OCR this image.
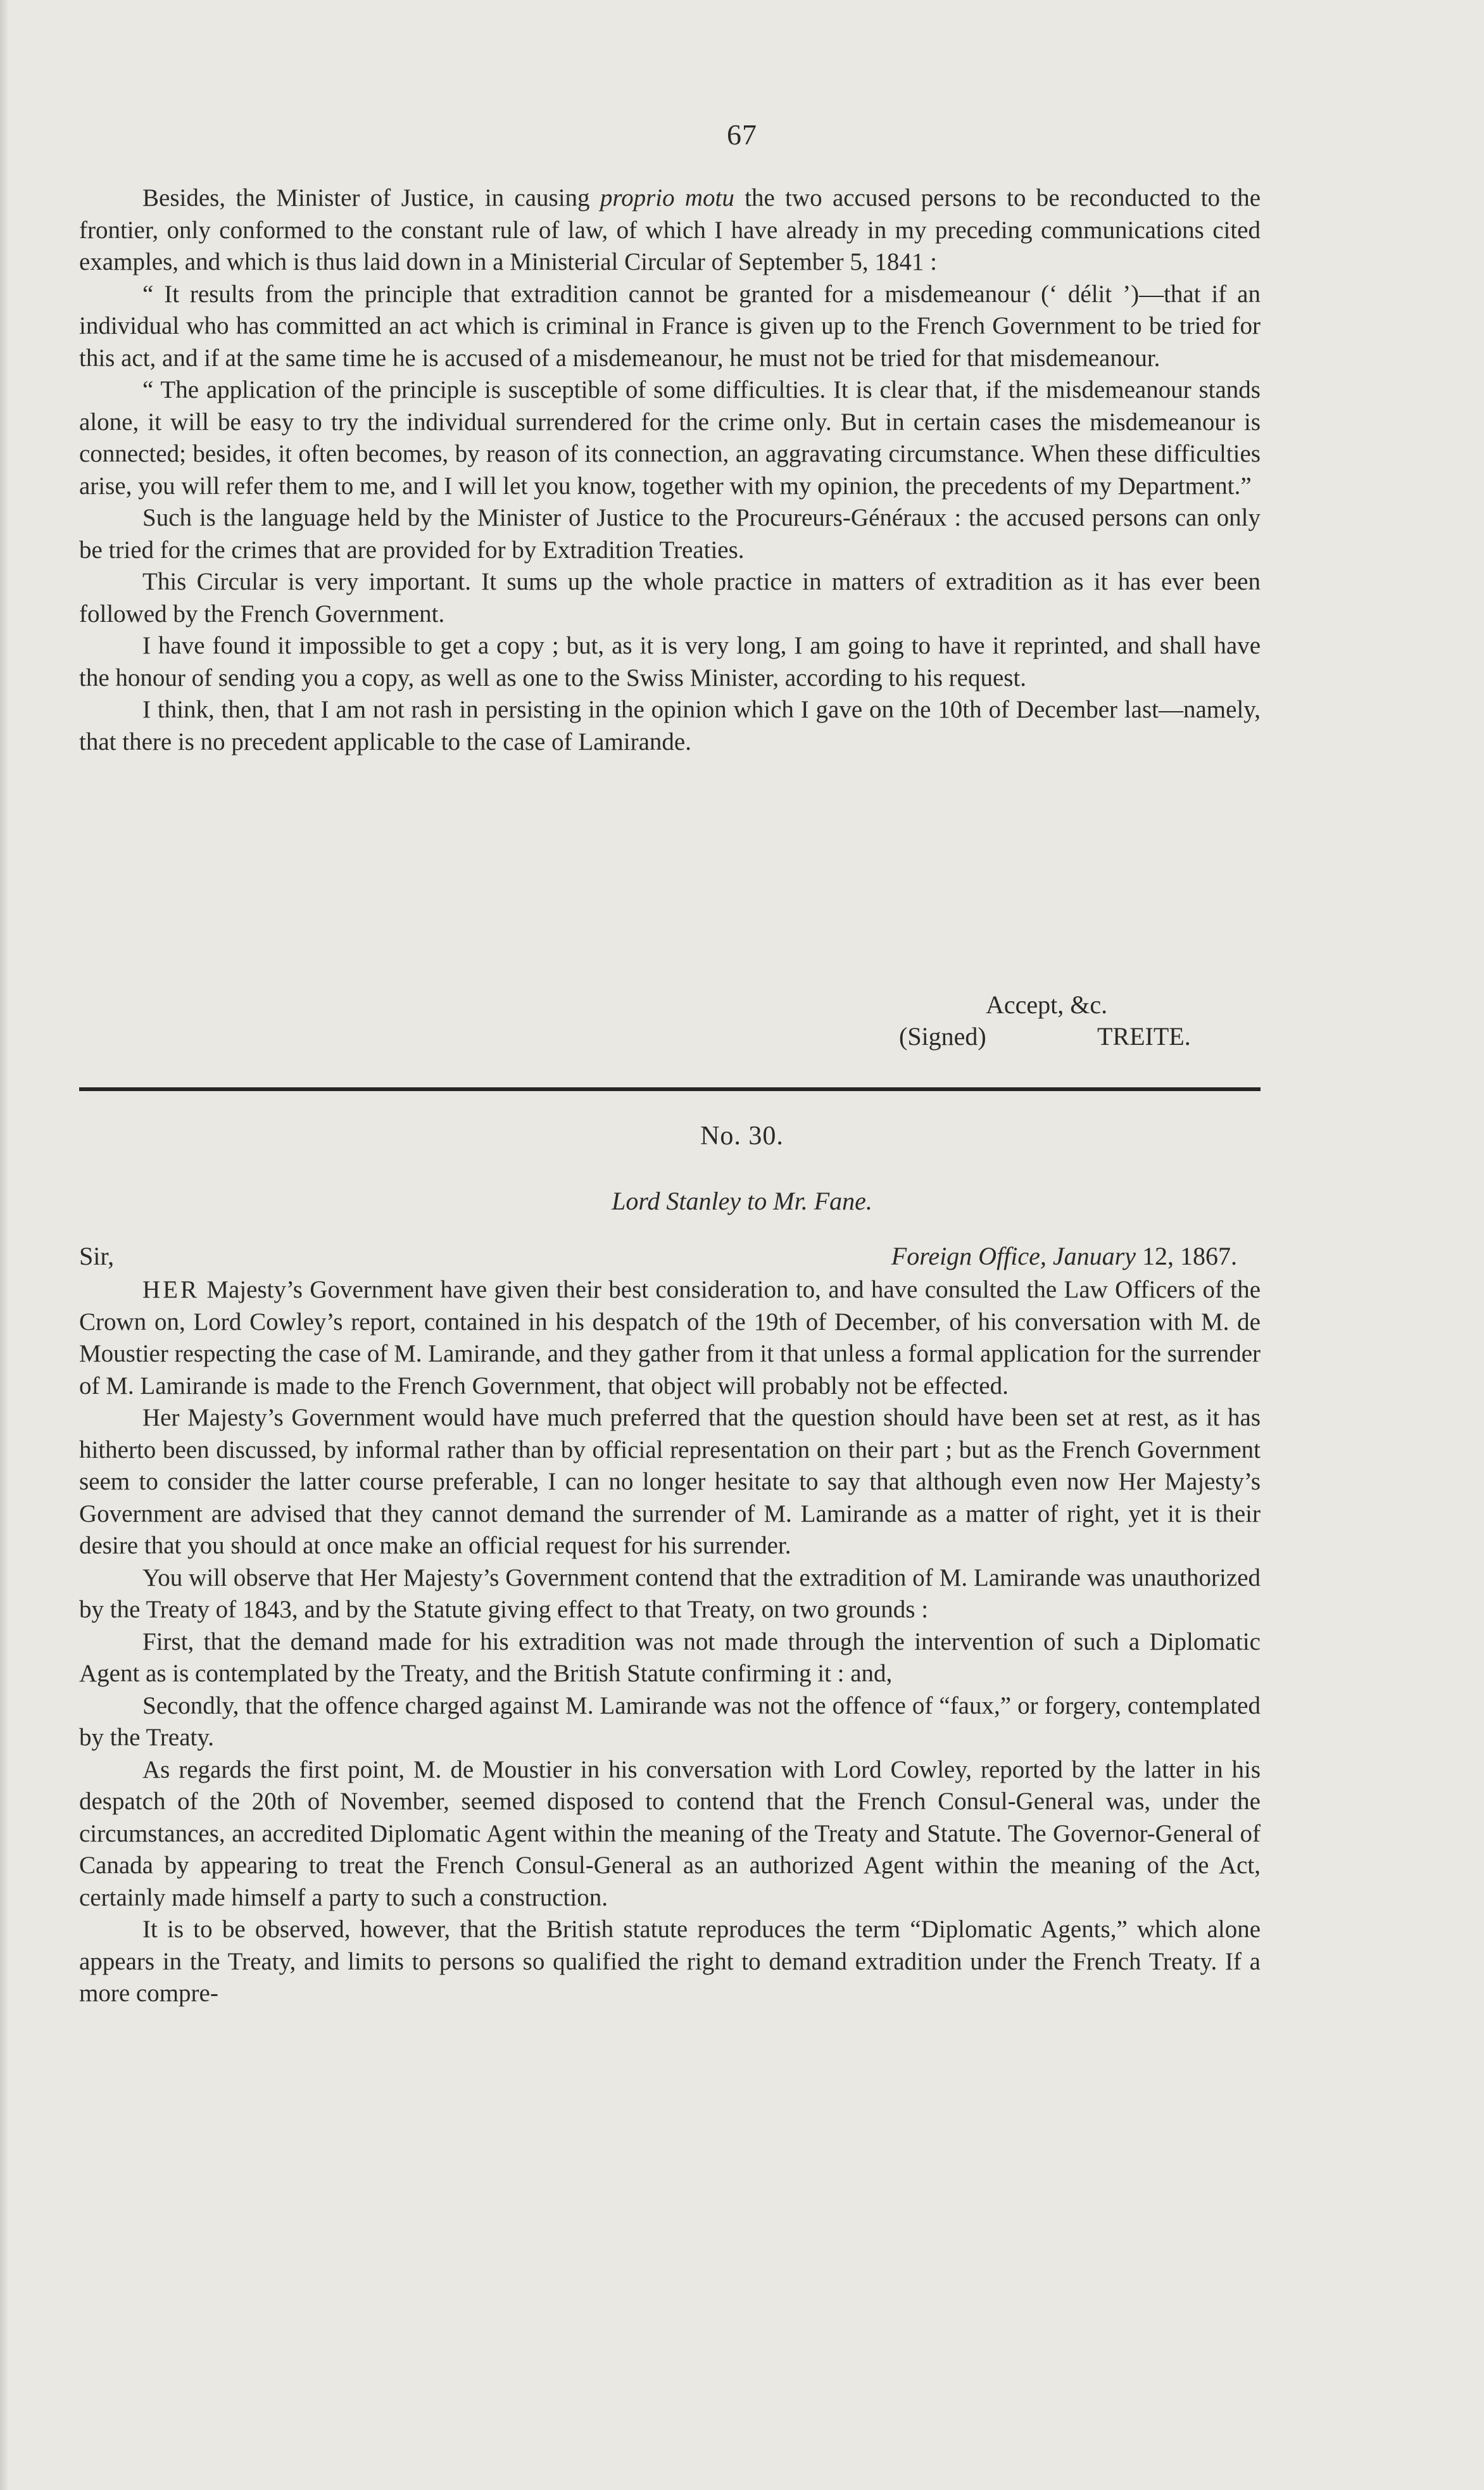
67

Besides, the Minister of Justice, in causing proprio motu the two accused persons to be reconducted to the frontier, only conformed to the constant rule of law, of which I have already in my preceding communications cited examples, and which is thus laid down in a Ministerial Circular of September 5, 1841 :

“ It results from the principle that extradition cannot be granted for a misdemeanour (‘ délit ’)—that if an individual who has committed an act which is criminal in France is given up to the French Government to be tried for this act, and if at the same time he is accused of a misdemeanour, he must not be tried for that misdemeanour.

“ The application of the principle is susceptible of some difficulties. It is clear that, if the misdemeanour stands alone, it will be easy to try the individual surrendered for the crime only. But in certain cases the misdemeanour is connected; besides, it often becomes, by reason of its connection, an aggravating circumstance. When these difficulties arise, you will refer them to me, and I will let you know, together with my opinion, the precedents of my Department.”

Such is the language held by the Minister of Justice to the Procureurs-Généraux : the accused persons can only be tried for the crimes that are provided for by Extradition Treaties.

This Circular is very important. It sums up the whole practice in matters of extradition as it has ever been followed by the French Government.

I have found it impossible to get a copy ; but, as it is very long, I am going to have it reprinted, and shall have the honour of sending you a copy, as well as one to the Swiss Minister, according to his request.

I think, then, that I am not rash in persisting in the opinion which I gave on the 10th of December last—namely, that there is no precedent applicable to the case of Lamirande.

Accept, &c.
(Signed)	TREITE.
No. 30.
Lord Stanley to Mr. Fane.
Sir,	Foreign Office, January 12, 1867.

HER Majesty’s Government have given their best consideration to, and have consulted the Law Officers of the Crown on, Lord Cowley’s report, contained in his despatch of the 19th of December, of his conversation with M. de Moustier respecting the case of M. Lamirande, and they gather from it that unless a formal application for the surrender of M. Lamirande is made to the French Government, that object will probably not be effected.

Her Majesty’s Government would have much preferred that the question should have been set at rest, as it has hitherto been discussed, by informal rather than by official representation on their part ; but as the French Government seem to consider the latter course preferable, I can no longer hesitate to say that although even now Her Majesty’s Government are advised that they cannot demand the surrender of M. Lamirande as a matter of right, yet it is their desire that you should at once make an official request for his surrender.

You will observe that Her Majesty’s Government contend that the extradition of M. Lamirande was unauthorized by the Treaty of 1843, and by the Statute giving effect to that Treaty, on two grounds :

First, that the demand made for his extradition was not made through the intervention of such a Diplomatic Agent as is contemplated by the Treaty, and the British Statute confirming it : and,

Secondly, that the offence charged against M. Lamirande was not the offence of “faux,” or forgery, contemplated by the Treaty.

As regards the first point, M. de Moustier in his conversation with Lord Cowley, reported by the latter in his despatch of the 20th of November, seemed disposed to contend that the French Consul-General was, under the circumstances, an accredited Diplomatic Agent within the meaning of the Treaty and Statute. The Governor-General of Canada by appearing to treat the French Consul-General as an authorized Agent within the meaning of the Act, certainly made himself a party to such a construction.

It is to be observed, however, that the British statute reproduces the term “Diplomatic Agents,” which alone appears in the Treaty, and limits to persons so qualified the right to demand extradition under the French Treaty. If a more compre-
